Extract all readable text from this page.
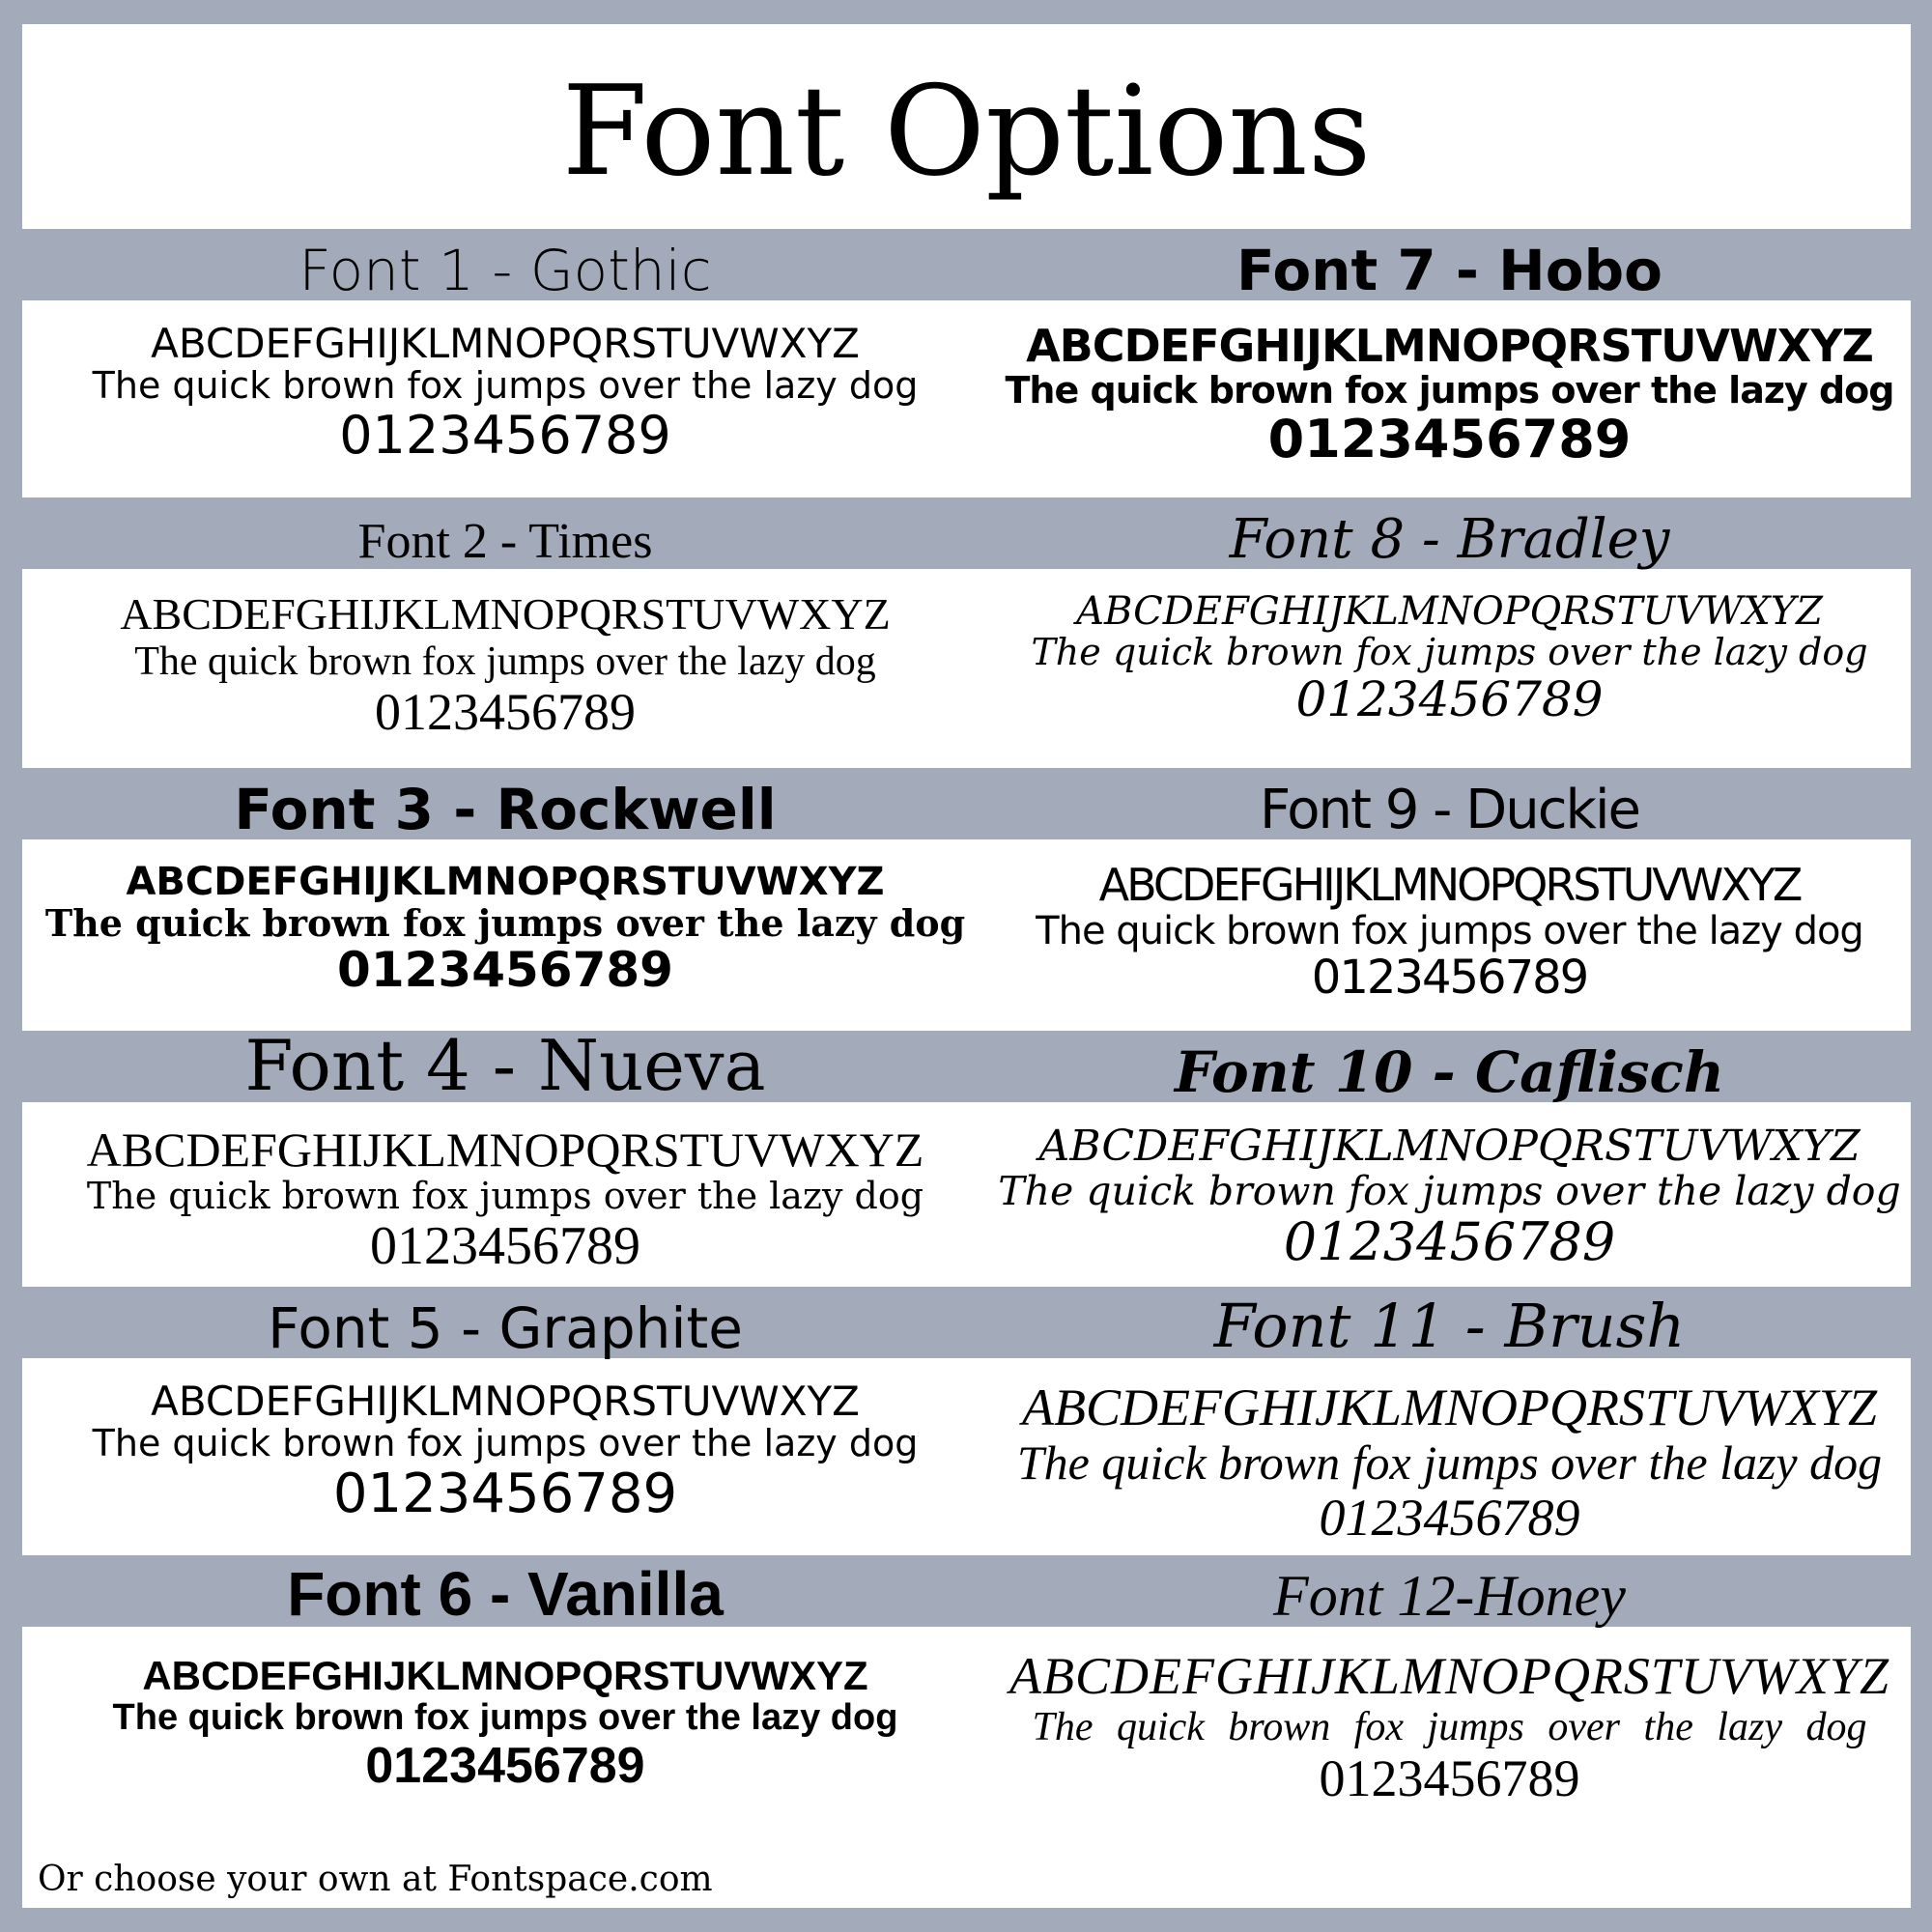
Font Options
Font 1 - Gothic
ABCDEFGHIJKLMNOPQRSTUVWXYZ
The quick brown fox jumps over the lazy dog
0123456789
Font 2 - Times
ABCDEFGHIJKLMNOPQRSTUVWXYZ
The quick brown fox jumps over the lazy dog
0123456789
Font 3 - Rockwell
ABCDEFGHIJKLMNOPQRSTUVWXYZ
The quick brown fox jumps over the lazy dog
0123456789
Font 4 - Nueva
ABCDEFGHIJKLMNOPQRSTUVWXYZ
The quick brown fox jumps over the lazy dog
0123456789
Font 5 - Graphite
ABCDEFGHIJKLMNOPQRSTUVWXYZ
The quick brown fox jumps over the lazy dog
0123456789
Font 6 - Vanilla
ABCDEFGHIJKLMNOPQRSTUVWXYZ
The quick brown fox jumps over the lazy dog
0123456789
Font 7 - Hobo
ABCDEFGHIJKLMNOPQRSTUVWXYZ
The quick brown fox jumps over the lazy dog
0123456789
Font 8 - Bradley
ABCDEFGHIJKLMNOPQRSTUVWXYZ
The quick brown fox jumps over the lazy dog
0123456789
Font 9 - Duckie
ABCDEFGHIJKLMNOPQRSTUVWXYZ
The quick brown fox jumps over the lazy dog
0123456789
Font 10 - Caflisch
ABCDEFGHIJKLMNOPQRSTUVWXYZ
The quick brown fox jumps over the lazy dog
0123456789
Font 11 - Brush
ABCDEFGHIJKLMNOPQRSTUVWXYZ
The quick brown fox jumps over the lazy dog
0123456789
Font 12-Honey
ABCDEFGHIJKLMNOPQRSTUVWXYZ
The quick brown fox jumps over the lazy dog
0123456789
Or choose your own at Fontspace.com
